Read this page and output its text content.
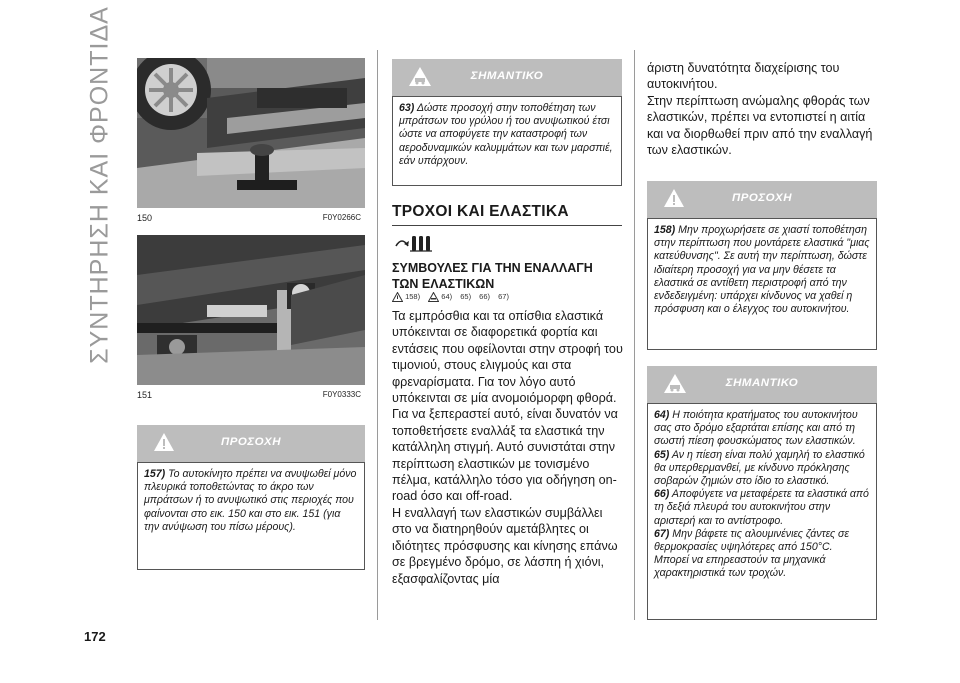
ΣΥΝΤΗΡΗΣΗ ΚΑΙ ΦΡΟΝΤΙΔΑ	150	F0Y0266C
151	F0Y0333C
ΠΡΟΣΟΧΗ

157) Το αυτοκίνητο πρέπει να ανυψωθεί μόνο πλευρικά τοποθετώντας το άκρο των μπράτσων ή το ανυψωτικό στις περιοχές που φαίνονται στο εικ. 150 και στο εικ. 151 (για την ανύψωση του πίσω μέρους).

ΣΗΜΑΝΤΙΚΟ

63) Δώστε προσοχή στην τοποθέτηση των μπράτσων του γρύλου ή του ανυψωτικού έτσι ώστε να αποφύγετε την καταστροφή των αεροδυναμικών καλυμμάτων και των μαρσπιέ, εάν υπάρχουν.

ΤΡΟΧΟΙ ΚΑΙ ΕΛΑΣΤΙΚΑ
ΣΥΜΒΟΥΛΕΣ ΓΙΑ ΤΗΝ ΕΝΑΛΛΑΓΗ ΤΩΝ ΕΛΑΣΤΙΚΩΝ
158)	64) 65) 66) 67)

Τα εμπρόσθια και τα οπίσθια ελαστικά υπόκεινται σε διαφορετικά φορτία και εντάσεις που οφείλονται στην στροφή του τιμονιού, στους ελιγμούς και στα φρεναρίσματα. Για τον λόγο αυτό υπόκεινται σε μία ανομοιόμορφη φθορά.

Για να ξεπεραστεί αυτό, είναι δυνατόν να τοποθετήσετε εναλλάξ τα ελαστικά την κατάλληλη στιγμή. Αυτό συνιστάται στην περίπτωση ελαστικών με τονισμένο πέλμα, κατάλληλο τόσο για οδήγηση on-road όσο και off-road.

Η εναλλαγή των ελαστικών συμβάλλει στο να διατηρηθούν αμετάβλητες οι ιδιότητες πρόσφυσης και κίνησης επάνω σε βρεγμένο δρόμο, σε λάσπη ή χιόνι, εξασφαλίζοντας μία

άριστη δυνατότητα διαχείρισης του αυτοκινήτου.

Στην περίπτωση ανώμαλης φθοράς των ελαστικών, πρέπει να εντοπιστεί η αιτία και να διορθωθεί πριν από την εναλλαγή των ελαστικών.

ΠΡΟΣΟΧΗ

158) Μην προχωρήσετε σε χιαστί τοποθέτηση στην περίπτωση που μοντάρετε ελαστικά "μιας κατεύθυνσης". Σε αυτή την περίπτωση, δώστε ιδιαίτερη προσοχή για να μην θέσετε τα ελαστικά σε αντίθετη περιστροφή από την ενδεδειγμένη: υπάρχει κίνδυνος να χαθεί η πρόσφυση και ο έλεγχος του αυτοκινήτου.

ΣΗΜΑΝΤΙΚΟ

64) Η ποιότητα κρατήματος του αυτοκινήτου σας στο δρόμο εξαρτάται επίσης και από τη σωστή πίεση φουσκώματος των ελαστικών.

65) Αν η πίεση είναι πολύ χαμηλή το ελαστικό θα υπερθερμανθεί, με κίνδυνο πρόκλησης σοβαρών ζημιών στο ίδιο το ελαστικό.

66) Αποφύγετε να μεταφέρετε τα ελαστικά από τη δεξιά πλευρά του αυτοκινήτου στην αριστερή και το αντίστροφο.

67) Μην βάφετε τις αλουμινένιες ζάντες σε θερμοκρασίες υψηλότερες από 150°C. Μπορεί να επηρεαστούν τα μηχανικά χαρακτηριστικά των τροχών.

172
